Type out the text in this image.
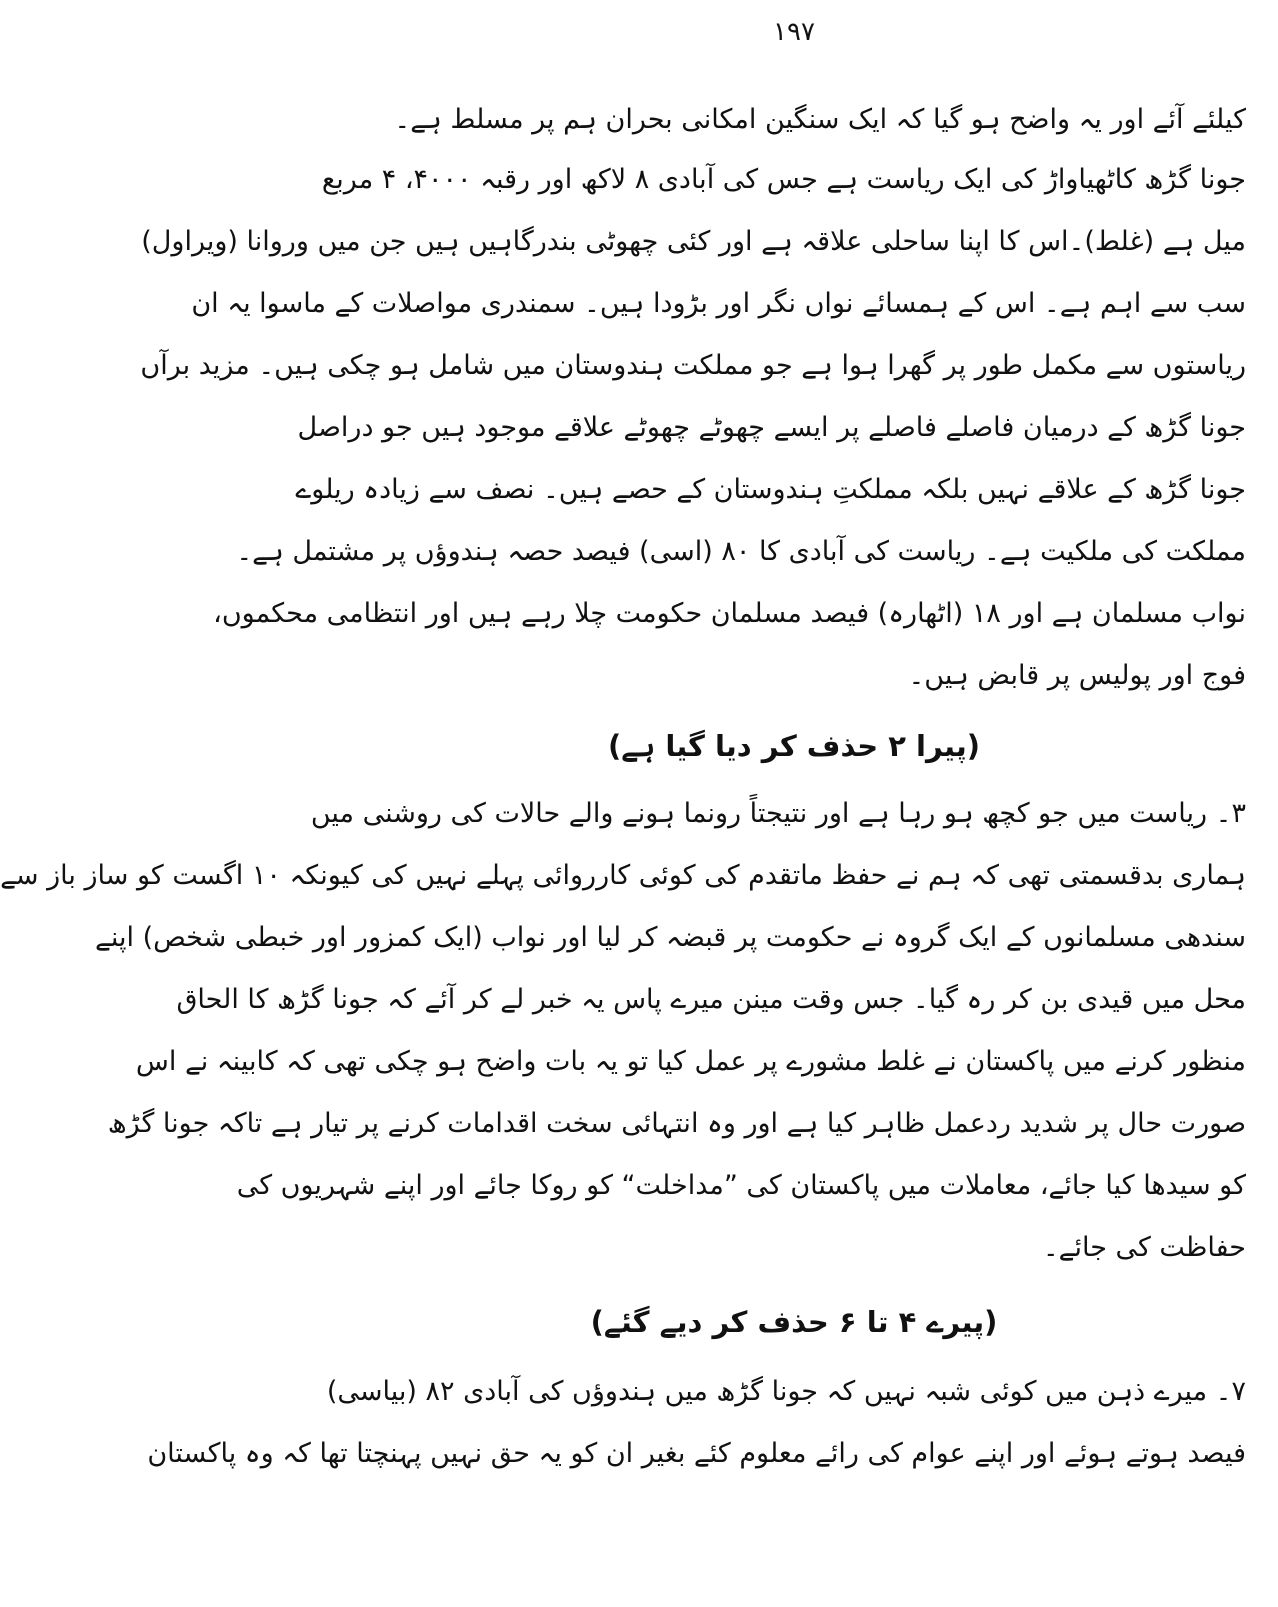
١٩٧
کیلئے آئے اور یہ واضح ہو گیا کہ ایک سنگین امکانی بحران ہم پر مسلط ہے۔
جونا گڑھ کاٹھیاواڑ کی ایک ریاست ہے جس کی آبادی ۸ لاکھ اور رقبہ ۴۰۰۰، ۴ مربع
میل ہے (غلط)۔اس کا اپنا ساحلی علاقہ ہے اور کئی چھوٹی بندرگاہیں ہیں جن میں وروانا (ویراول)
سب سے اہم ہے۔ اس کے ہمسائے نواں نگر اور بڑودا ہیں۔ سمندری مواصلات کے ماسوا یہ ان
ریاستوں سے مکمل طور پر گھرا ہوا ہے جو مملکت ہندوستان میں شامل ہو چکی ہیں۔ مزید برآں
جونا گڑھ کے درمیان فاصلے فاصلے پر ایسے چھوٹے چھوٹے علاقے موجود ہیں جو دراصل
جونا گڑھ کے علاقے نہیں بلکہ مملکتِ ہندوستان کے حصے ہیں۔ نصف سے زیادہ ریلوے
مملکت کی ملکیت ہے۔ ریاست کی آبادی کا ۸۰ (اسی) فیصد حصہ ہندوؤں پر مشتمل ہے۔
نواب مسلمان ہے اور ۱۸ (اٹھارہ) فیصد مسلمان حکومت چلا رہے ہیں اور انتظامی محکموں،
فوج اور پولیس پر قابض ہیں۔
(پیرا ۲ حذف کر دیا گیا ہے)
۳۔ ریاست میں جو کچھ ہو رہا ہے اور نتیجتاً رونما ہونے والے حالات کی روشنی میں
ہماری بدقسمتی تھی کہ ہم نے حفظ ماتقدم کی کوئی کارروائی پہلے نہیں کی کیونکہ ۱۰ اگست کو ساز باز سے
سندھی مسلمانوں کے ایک گروہ نے حکومت پر قبضہ کر لیا اور نواب (ایک کمزور اور خبطی شخص) اپنے
محل میں قیدی بن کر رہ گیا۔ جس وقت مینن میرے پاس یہ خبر لے کر آئے کہ جونا گڑھ کا الحاق
منظور کرنے میں پاکستان نے غلط مشورے پر عمل کیا تو یہ بات واضح ہو چکی تھی کہ کابینہ نے اس
صورت حال پر شدید ردعمل ظاہر کیا ہے اور وہ انتہائی سخت اقدامات کرنے پر تیار ہے تاکہ جونا گڑھ
کو سیدھا کیا جائے، معاملات میں پاکستان کی ”مداخلت“ کو روکا جائے اور اپنے شہریوں کی
حفاظت کی جائے۔
(پیرے ۴ تا ۶ حذف کر دیے گئے)
۷۔ میرے ذہن میں کوئی شبہ نہیں کہ جونا گڑھ میں ہندوؤں کی آبادی ۸۲ (بیاسی)
فیصد ہوتے ہوئے اور اپنے عوام کی رائے معلوم کئے بغیر ان کو یہ حق نہیں پہنچتا تھا کہ وہ پاکستان
